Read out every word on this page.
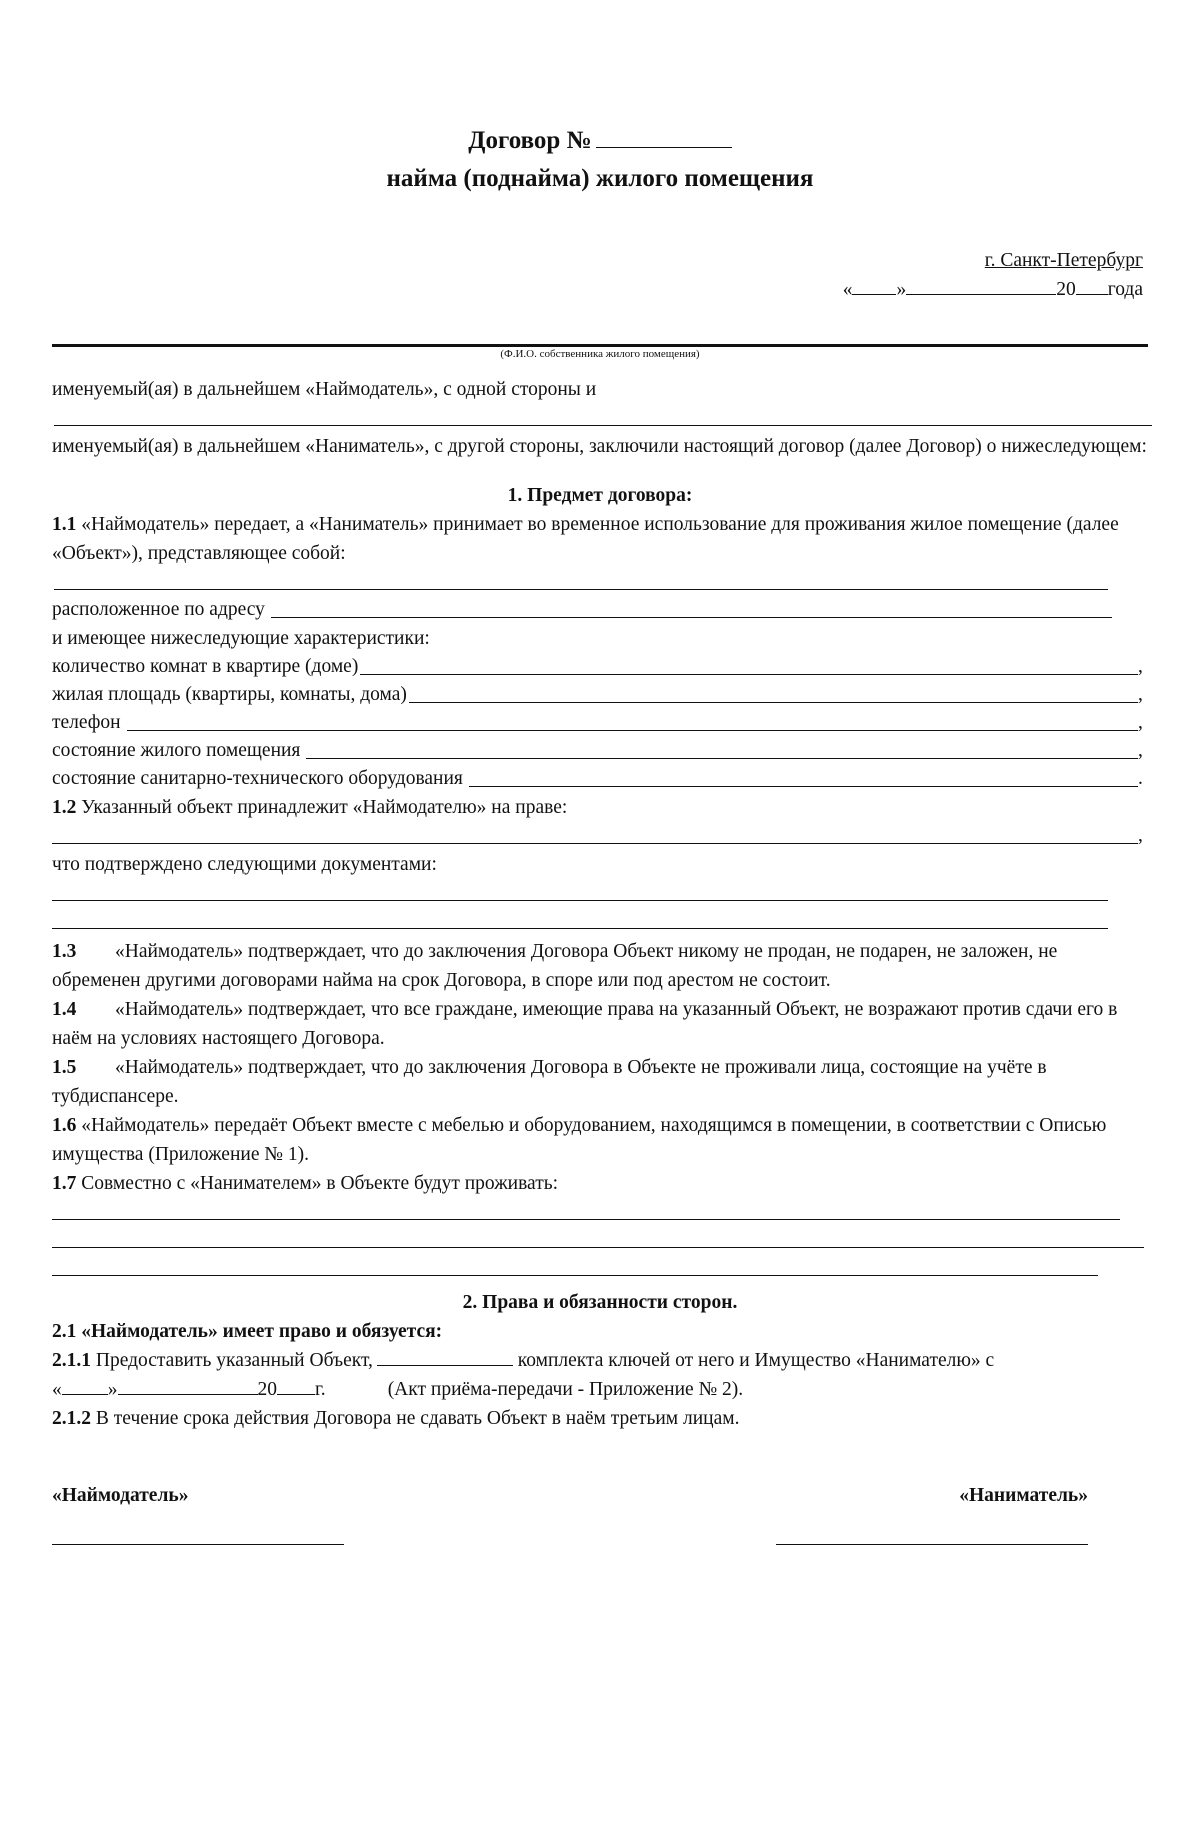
Договор №
найма (поднайма) жилого помещения
г. Санкт-Петербург
« »	20 года
(Ф.И.О. собственника жилого помещения)

именуемый(ая) в дальнейшем «Наймодатель», с одной стороны и

именуемый(ая) в дальнейшем «Наниматель», с другой стороны, заключили настоящий договор (далее Договор) о нижеследующем:

1. Предмет договора:

1.1 «Наймодатель» передает, а «Наниматель» принимает во временное использование для проживания жилое помещение (далее «Объект»), представляющее собой:

расположенное по адресу

и имеющее нижеследующие характеристики:

количество комнат в квартире (доме)	,
жилая площадь (квартиры, комнаты, дома)	,
телефон	,
состояние жилого помещения	,
состояние санитарно-технического оборудования	.

1.2 Указанный объект принадлежит «Наймодателю» на праве:

,

что подтверждено следующими документами:

1.3 «Наймодатель» подтверждает, что до заключения Договора Объект никому не продан, не подарен, не заложен, не обременен другими договорами найма на срок Договора, в споре или под арестом не состоит.

1.4 «Наймодатель» подтверждает, что все граждане, имеющие права на указанный Объект, не возражают против сдачи его в наём на условиях настоящего Договора.

1.5 «Наймодатель» подтверждает, что до заключения Договора в Объекте не проживали лица, состоящие на учёте в тубдиспансере.

1.6 «Наймодатель» передаёт Объект вместе с мебелью и оборудованием, находящимся в помещении, в соответствии с Описью имущества (Приложение № 1).

1.7 Совместно с «Нанимателем» в Объекте будут проживать:

2. Права и обязанности сторон.

2.1 «Наймодатель» имеет право и обязуется:

2.1.1 Предоставить указанный Объект,	комплекта ключей от него и Имущество «Нанимателю» с
« »	20 г.	(Акт приёма-передачи - Приложение № 2).

2.1.2 В течение срока действия Договора не сдавать Объект в наём третьим лицам.

«Наймодатель»	«Наниматель»
